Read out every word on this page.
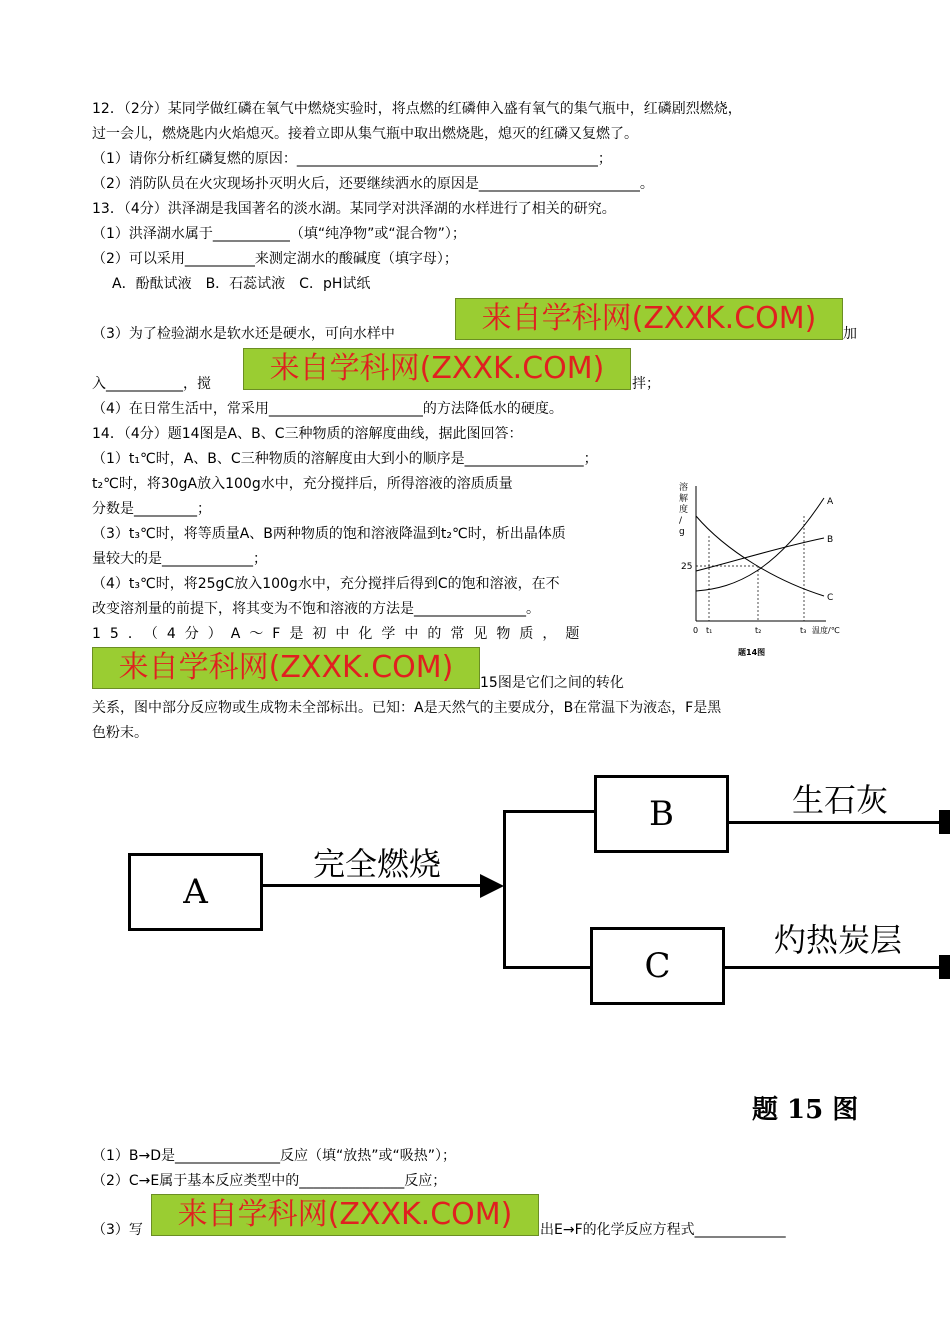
12．（2分）某同学做红磷在氧气中燃烧实验时，将点燃的红磷伸入盛有氧气的集气瓶中，红磷剧烈燃烧，
过一会儿，燃烧匙内火焰熄灭。接着立即从集气瓶中取出燃烧匙，熄灭的红磷又复燃了。
（1）请你分析红磷复燃的原因：___________________________________________；
（2）消防队员在火灾现场扑灭明火后，还要继续洒水的原因是_______________________。
13．（4分）洪泽湖是我国著名的淡水湖。某同学对洪泽湖的水样进行了相关的研究。
（1）洪泽湖水属于___________（填“纯净物”或“混合物”）；
（2）可以采用__________来测定湖水的酸碱度（填字母）；
A．酚酞试液　B．石蕊试液　C．pH试纸
（3）为了检验湖水是软水还是硬水，可向水样中	来自学科网(ZXXK.COM)	加
入___________，搅	来自学科网(ZXXK.COM)	拌；
（4）在日常生活中，常采用______________________的方法降低水的硬度。
14．（4分）题14图是A、B、C三种物质的溶解度曲线，据此图回答：
（1）t₁℃时，A、B、C三种物质的溶解度由大到小的顺序是_________________；
t₂℃时，将30gA放入100g水中，充分搅拌后，所得溶液的溶质质量
分数是_________；
（3）t₃℃时，将等质量A、B两种物质的饱和溶液降温到t₂℃时，析出晶体质
量较大的是_____________；
（4）t₃℃时，将25gC放入100g水中，充分搅拌后得到C的饱和溶液，在不
改变溶剂量的前提下，将其变为不饱和溶液的方法是________________。
溶解度/ g
A
B
C
25
0 t₁	t₂	t₃ 温度/℃
题14图
15．（4分）A～F是初中化学中的常见物质，题
来自学科网(ZXXK.COM)	15图是它们之间的转化
关系，图中部分反应物或生成物未全部标出。已知：A是天然气的主要成分，B在常温下为液态，F是黑
色粉末。
A
完全燃烧
B
C
生石灰
灼热炭层
题 15 图
（1）B→D是_______________反应（填“放热”或“吸热”）；
（2）C→E属于基本反应类型中的_______________反应；
（3）写	来自学科网(ZXXK.COM)	出E→F的化学反应方程式_____________
